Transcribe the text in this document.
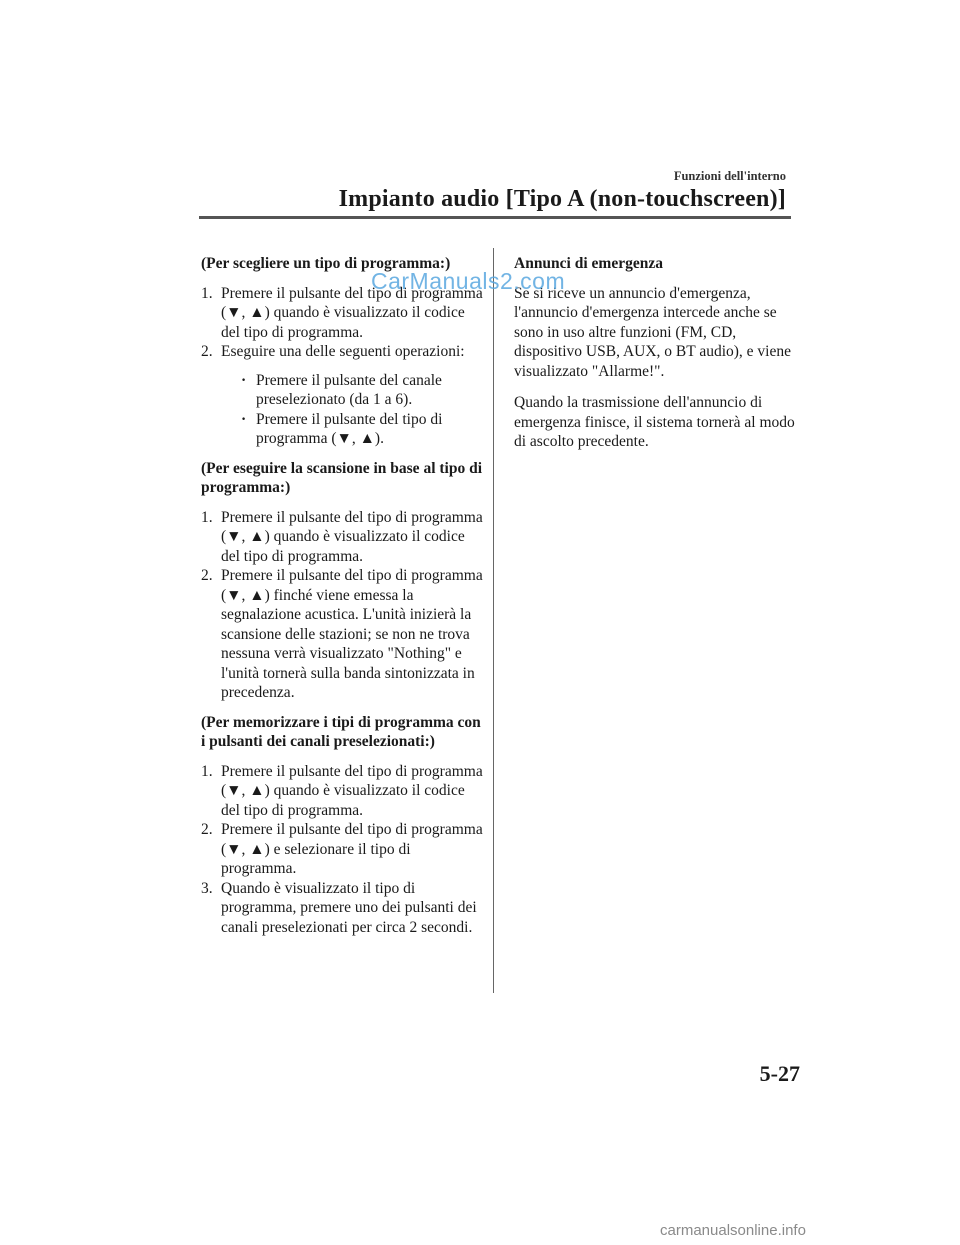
Funzioni dell'interno
Impianto audio [Tipo A (non-touchscreen)]
(Per scegliere un tipo di programma:)
1. Premere il pulsante del tipo di programma (▼, ▲) quando è visualizzato il codice del tipo di programma.
2. Eseguire una delle seguenti operazioni:
· Premere il pulsante del canale preselezionato (da 1 a 6).
· Premere il pulsante del tipo di programma (▼, ▲).
(Per eseguire la scansione in base al tipo di programma:)
1. Premere il pulsante del tipo di programma (▼, ▲) quando è visualizzato il codice del tipo di programma.
2. Premere il pulsante del tipo di programma (▼, ▲) finché viene emessa la segnalazione acustica. L'unità inizierà la scansione delle stazioni; se non ne trova nessuna verrà visualizzato "Nothing" e l'unità tornerà sulla banda sintonizzata in precedenza.
(Per memorizzare i tipi di programma con i pulsanti dei canali preselezionati:)
1. Premere il pulsante del tipo di programma (▼, ▲) quando è visualizzato il codice del tipo di programma.
2. Premere il pulsante del tipo di programma (▼, ▲) e selezionare il tipo di programma.
3. Quando è visualizzato il tipo di programma, premere uno dei pulsanti dei canali preselezionati per circa 2 secondi.
Annunci di emergenza

Se si riceve un annuncio d'emergenza, l'annuncio d'emergenza intercede anche se sono in uso altre funzioni (FM, CD, dispositivo USB, AUX, o BT audio), e viene visualizzato "Allarme!".

Quando la trasmissione dell'annuncio di emergenza finisce, il sistema tornerà al modo di ascolto precedente.

CarManuals2.com
5-27
carmanualsonline.info
